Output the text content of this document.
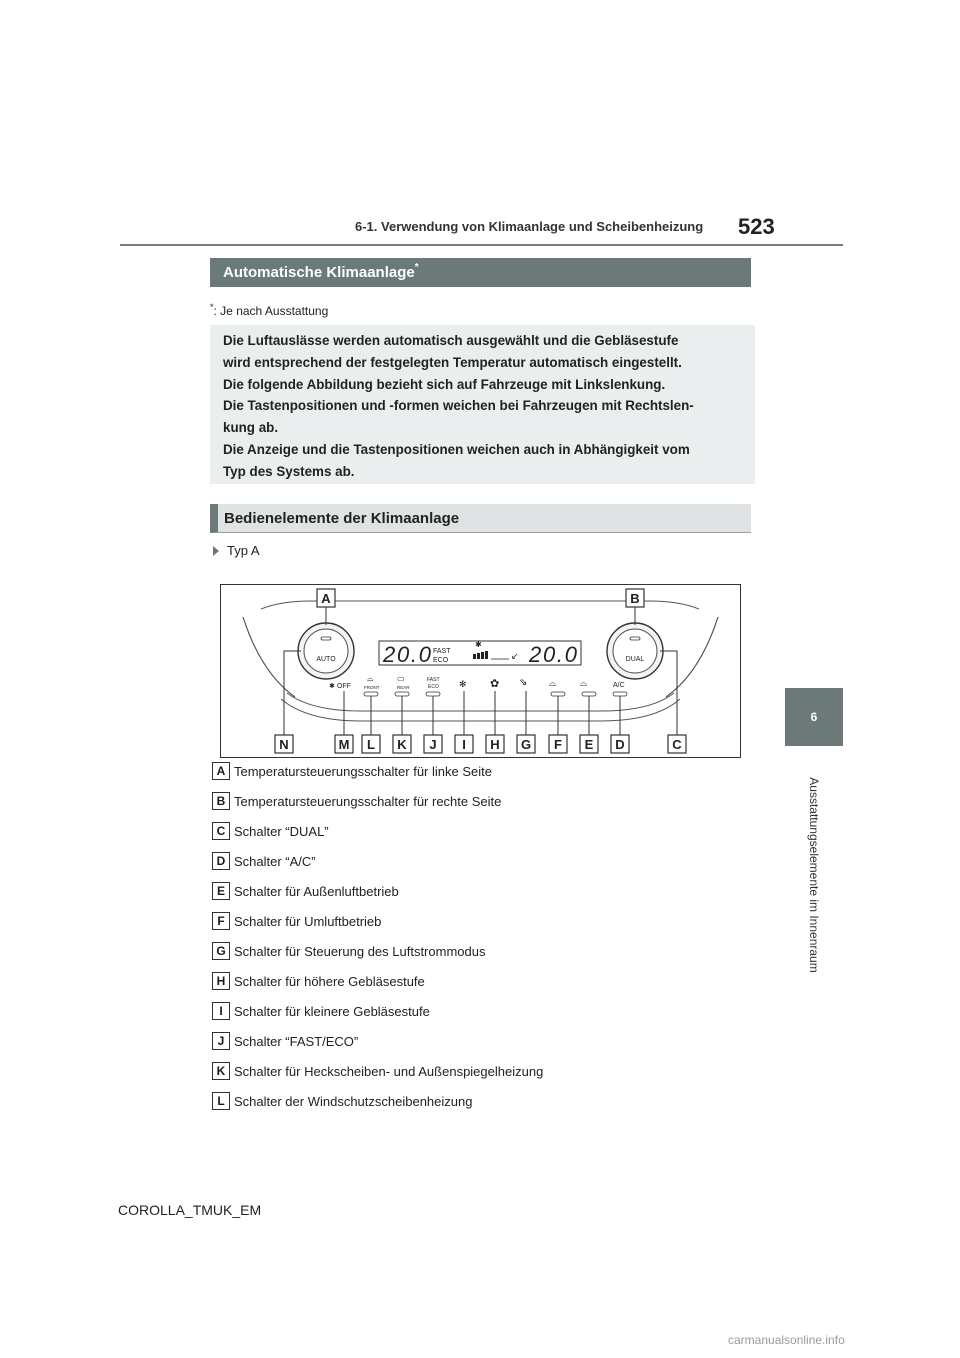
6-1. Verwendung von Klimaanlage und Scheibenheizung 523
6
Ausstattungselemente im Innenraum
Automatische Klimaanlage*
*: Je nach Ausstattung

Die Luftauslässe werden automatisch ausgewählt und die Gebläsestufe

wird entsprechend der festgelegten Temperatur automatisch eingestellt.

Die folgende Abbildung bezieht sich auf Fahrzeuge mit Linkslenkung.

Die Tastenpositionen und -formen weichen bei Fahrzeugen mit Rechtslen-

kung ab.

Die Anzeige und die Tastenpositionen weichen auch in Abhängigkeit vom

Typ des Systems ab.

Bedienelemente der Klimaanlage
Typ A
AUTO	DUAL
20.0 FAST
ECO
✱
↙ 20.0
✱ OFF
⌓
FRONT
▭
REAR
FAST
ECO ✻ ✿ ⇘ ⌓	⌓	A/C
A	B
N	M L K J I H G F E D	C
A Temperatursteuerungsschalter für linke Seite
B Temperatursteuerungsschalter für rechte Seite
C Schalter “DUAL”
D Schalter “A/C”
E Schalter für Außenluftbetrieb
F Schalter für Umluftbetrieb
G Schalter für Steuerung des Luftstrommodus
H Schalter für höhere Gebläsestufe
I Schalter für kleinere Gebläsestufe
J Schalter “FAST/ECO”
K Schalter für Heckscheiben- und Außenspiegelheizung
L Schalter der Windschutzscheibenheizung
COROLLA_TMUK_EM
carmanualsonline.info
